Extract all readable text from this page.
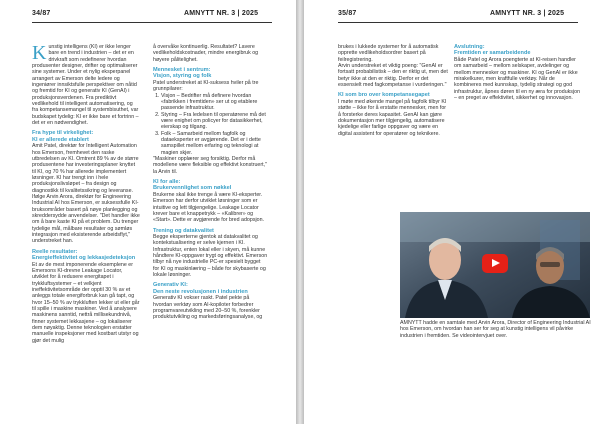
34/87	AMNYTT NR. 3 | 2025

Kunstig intelligens (KI) er ikke lenger bare en trend i industrien – det er en drivkraft som redefinerer hvordan produsenter designer, drifter og optimaliserer sine systemer. Under et nylig eksperpanel arrangert av Emerson delte ledere og ingeniører innsiktsfulle perspektiver om nåtid og fremtid for KI og generativ KI (GenAI) i produksjonsverdenen. Fra prediktivt vedlikehold til intelligent automatisering, og fra kompetansemangel til systembisuthet, var budskapet tydelig: KI er ikke bare et fortrinn – det er en nødvendighet.

Fra hype til virkelighet:
KI er allerede etablert

Amit Patel, direktør for Intelligent Automation hos Emerson, fremhevet den raske utbredelsen av KI. Omtrent 89 % av de større produsentene har investeringsplaner knyttet til KI, og 70 % har allerede implementert løsninger. KI har trengt inn i hele produksjonslivsløpet – fra design og diagnostikk til kvalitetssikring og leveranse. Ifølge Arvin Arora, direktør for Engineering Industrial AI hos Emerson, er suksessfulle KI-bruksområder basert på nøye planlegging og skreddersydde anvendelser. "Det handler ikke om å bare kaste KI på et problem. Du trenger tydelige mål, målbare resultater og sømløs integrasjon med eksisterende arbeidsflyt," understreket han.

Reelle resultater:
Energieffektivitet og lekkasjedeteksjon

Et av de mest imponerende eksemplene er Emersons KI-drevne Leakage Locator, utviklet for å redusere energitapet i trykkluftsystemer – et velkjent ineffektivitetsområde der opptil 30 % av et anleggs totale energiforbruk kan gå tapt, og hvor 15–50 % av trykkluften lekker ut eller går til spille i maskine maskiner. Ved å analysere maskinens sanntid, nettrå millisekundnivå, finner systemet lekkasjene – og lokaliserer dem nøyaktig. Denne teknologien erstatter manuelle inspeksjoner med kostbart utstyr og gjør det mulig

å overvåke kontinuerlig. Resultatet? Lavere vedlikeholdskostnader, mindre energibruk og høyere pålitelighet.

Mennesket i sentrum:
Visjon, styring og folk

Patel understreket at KI-suksess hviler på tre grunnpilarer:

1. Visjon – Bedrifter må definere hvordan «fabrikken i fremtiden» ser ut og etablere passende infrastruktur.
2. Styring – Fra ledelsen til operatørene må det være enighet om policyer for datasikkerhet, eierskap og tilgang.
3. Folk – Samarbeid mellom fagfolk og dataeksperter er avgjørende. Det er i dette samspillet mellom erfaring og teknologi at magien skjer.

"Maskiner opplærer seg forsiktig. Derfor må modellene være fleksible og effektivt konstruert," la Arvin til.

KI for alle:
Brukervennlighet som nøkkel

Brukerne skal ikke trenge å være KI-eksperter. Emerson har derfor utviklet løsninger som er intuitive og lett tilgjengelige. Leakage Locator krever bare et knappetrykk – «Kalibrer» og «Start». Dette er avgjørende for bred adopsjon.

Trening og datakvalitet

Begge eksperterne gjentok at datakvalitet og kontekstualisering er selve kjernen i KI. Infrastruktur, enten lokal eller i skyen, må kunne håndtere KI-oppgaver trygt og effektivt. Emerson tilbyr nå nye industrielle PC-er spesielt bygget for KI og maskinlæring – både for skybaserte og lokale løsninger.

Generativ KI:
Den neste revolusjonen i industrien

Generativ KI vokser raskt. Patel pekte på hvordan verktøy som AI-kopiloter forbedrer programvareutvikling med 20–50 %, forenkler produktutvikling og markedsføringsanalyse, og

35/87	AMNYTT NR. 3 | 2025

brukes i lukkede systemer for å automatisk opprette vedlikeholdsordrer basert på feilregistrering.

Arvin understreket et viktig poeng: "GenAI er fortsatt probabilistisk – den er riktig ut, men det betyr ikke at den er riktig. Derfor er det essensielt med fagkompetanse i vurderingen."

KI som bro over kompetansegapet

I møte med økende mangel på fagfolk tilbyr KI støtte – ikke for å erstatte mennesker, men for å forsterke deres kapasitet. GenAI kan gjøre dokumentasjon mer tilgjengelig, automatisere kjedelige eller farlige oppgaver og være en digital assistent for operatører og teknikere.

Avslutning:
Fremtiden er samarbeidende

Både Patel og Arora poengterte at KI-reisen handler om samarbeid – mellom selskaper, avdelinger og mellom mennesker og maskiner. KI og GenAI er ikke mirakelkurer, men kraftfulle verktøy. Når de kombineres med kunnskap, tydelig strategi og god infrastruktur, åpnes døren til en ny æra for produksjon – en preget av effektivitet, sikkerhet og innovasjon.

AMNYTT hadde en samtale med Arvin Arora, Director of Engineering Industrial AI hos Emerson, om hvordan han ser for seg at kunstig intelligens vil påvirke industrien i fremtiden. Se videointervjuet over.
